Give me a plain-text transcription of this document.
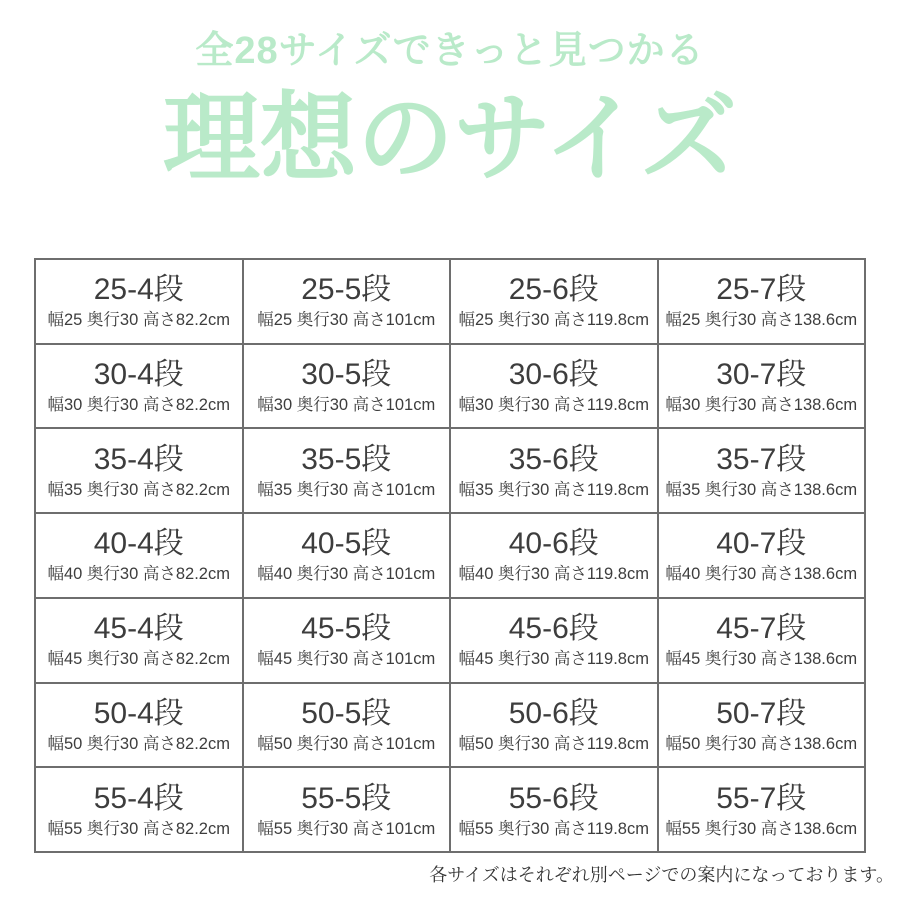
全28サイズできっと見つかる
理想のサイズ
25-4段
幅25 奥行30 高さ82.2cm
25-5段
幅25 奥行30 高さ101cm
25-6段
幅25 奥行30 高さ119.8cm
25-7段
幅25 奥行30 高さ138.6cm
30-4段
幅30 奥行30 高さ82.2cm
30-5段
幅30 奥行30 高さ101cm
30-6段
幅30 奥行30 高さ119.8cm
30-7段
幅30 奥行30 高さ138.6cm
35-4段
幅35 奥行30 高さ82.2cm
35-5段
幅35 奥行30 高さ101cm
35-6段
幅35 奥行30 高さ119.8cm
35-7段
幅35 奥行30 高さ138.6cm
40-4段
幅40 奥行30 高さ82.2cm
40-5段
幅40 奥行30 高さ101cm
40-6段
幅40 奥行30 高さ119.8cm
40-7段
幅40 奥行30 高さ138.6cm
45-4段
幅45 奥行30 高さ82.2cm
45-5段
幅45 奥行30 高さ101cm
45-6段
幅45 奥行30 高さ119.8cm
45-7段
幅45 奥行30 高さ138.6cm
50-4段
幅50 奥行30 高さ82.2cm
50-5段
幅50 奥行30 高さ101cm
50-6段
幅50 奥行30 高さ119.8cm
50-7段
幅50 奥行30 高さ138.6cm
55-4段
幅55 奥行30 高さ82.2cm
55-5段
幅55 奥行30 高さ101cm
55-6段
幅55 奥行30 高さ119.8cm
55-7段
幅55 奥行30 高さ138.6cm
各サイズはそれぞれ別ページでの案内になっております。
